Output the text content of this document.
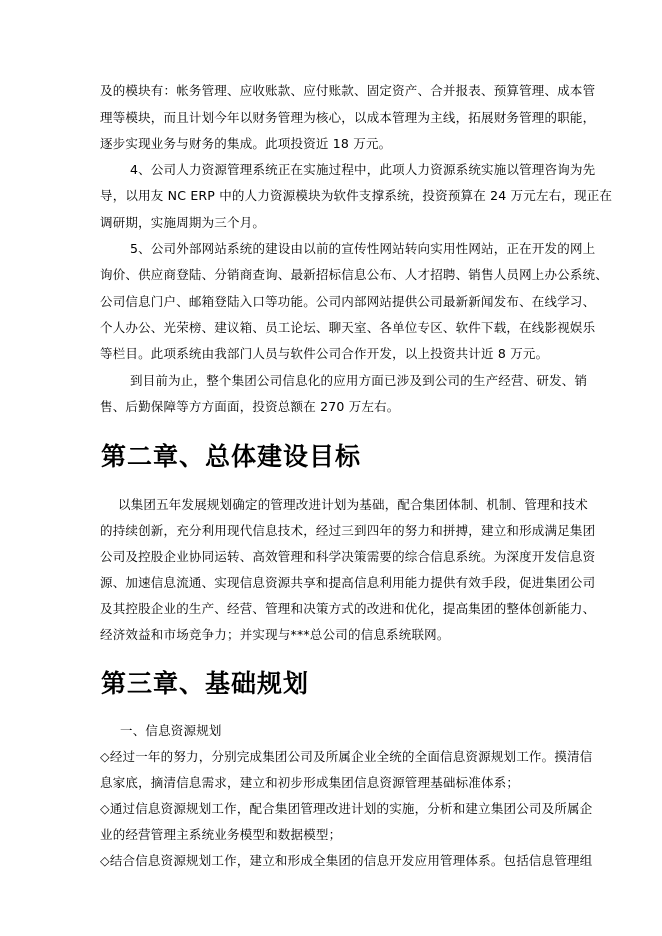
及的模块有：帐务管理、应收账款、应付账款、固定资产、合并报表、预算管理、成本管
理等模块，而且计划今年以财务管理为核心，以成本管理为主线，拓展财务管理的职能，
逐步实现业务与财务的集成。此项投资近 18 万元。
4、公司人力资源管理系统正在实施过程中，此项人力资源系统实施以管理咨询为先
导，以用友 NC ERP 中的人力资源模块为软件支撑系统，投资预算在 24 万元左右，现正在
调研期，实施周期为三个月。
5、公司外部网站系统的建设由以前的宣传性网站转向实用性网站，正在开发的网上
询价、供应商登陆、分销商查询、最新招标信息公布、人才招聘、销售人员网上办公系统、
公司信息门户、邮箱登陆入口等功能。公司内部网站提供公司最新新闻发布、在线学习、
个人办公、光荣榜、建议箱、员工论坛、聊天室、各单位专区、软件下载，在线影视娱乐
等栏目。此项系统由我部门人员与软件公司合作开发，以上投资共计近 8 万元。
到目前为止，整个集团公司信息化的应用方面已涉及到公司的生产经营、研发、销
售、后勤保障等方方面面，投资总额在 270 万左右。
第二章、总体建设目标
以集团五年发展规划确定的管理改进计划为基础，配合集团体制、机制、管理和技术
的持续创新，充分利用现代信息技术，经过三到四年的努力和拼搏，建立和形成满足集团
公司及控股企业协同运转、高效管理和科学决策需要的综合信息系统。为深度开发信息资
源、加速信息流通、实现信息资源共享和提高信息利用能力提供有效手段，促进集团公司
及其控股企业的生产、经营、管理和决策方式的改进和优化，提高集团的整体创新能力、
经济效益和市场竞争力；并实现与***总公司的信息系统联网。
第三章、基础规划
一、信息资源规划
◇经过一年的努力，分别完成集团公司及所属企业全统的全面信息资源规划工作。摸清信
息家底，摘清信息需求，建立和初步形成集团信息资源管理基础标准体系；
◇通过信息资源规划工作，配合集团管理改进计划的实施，分析和建立集团公司及所属企
业的经营管理主系统业务模型和数据模型；
◇结合信息资源规划工作，建立和形成全集团的信息开发应用管理体系。包括信息管理组
